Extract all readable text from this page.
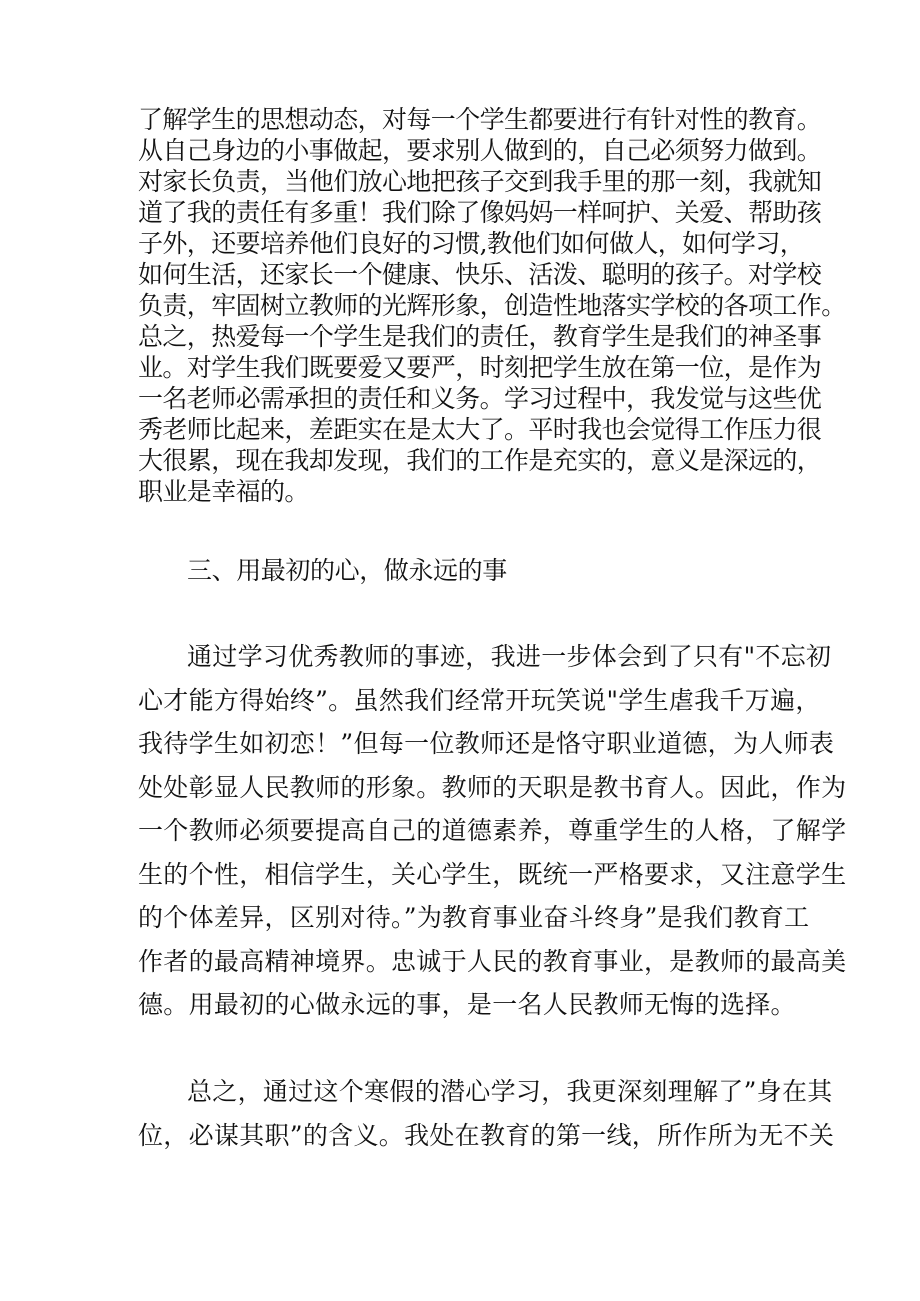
了解学生的思想动态，对每一个学生都要进行有针对性的教育。
从自己身边的小事做起，要求别人做到的，自己必须努力做到。
对家长负责，当他们放心地把孩子交到我手里的那一刻，我就知
道了我的责任有多重！我们除了像妈妈一样呵护、关爱、帮助孩
子外，还要培养他们良好的习惯,教他们如何做人，如何学习，
如何生活，还家长一个健康、快乐、活泼、聪明的孩子。对学校
负责，牢固树立教师的光辉形象，创造性地落实学校的各项工作。
总之，热爱每一个学生是我们的责任，教育学生是我们的神圣事
业。对学生我们既要爱又要严，时刻把学生放在第一位，是作为
一名老师必需承担的责任和义务。学习过程中，我发觉与这些优
秀老师比起来，差距实在是太大了。平时我也会觉得工作压力很
大很累，现在我却发现，我们的工作是充实的，意义是深远的，
职业是幸福的。
三、用最初的心，做永远的事
通过学习优秀教师的事迹，我进一步体会到了只有"不忘初
心才能方得始终”。虽然我们经常开玩笑说"学生虐我千万遍，
我待学生如初恋！”但每一位教师还是恪守职业道德，为人师表
处处彰显人民教师的形象。教师的天职是教书育人。因此，作为
一个教师必须要提高自己的道德素养，尊重学生的人格，了解学
生的个性，相信学生，关心学生，既统一严格要求，又注意学生
的个体差异，区别对待。”为教育事业奋斗终身”是我们教育工
作者的最高精神境界。忠诚于人民的教育事业，是教师的最高美
德。用最初的心做永远的事，是一名人民教师无悔的选择。
总之，通过这个寒假的潜心学习，我更深刻理解了”身在其
位，必谋其职”的含义。我处在教育的第一线，所作所为无不关
